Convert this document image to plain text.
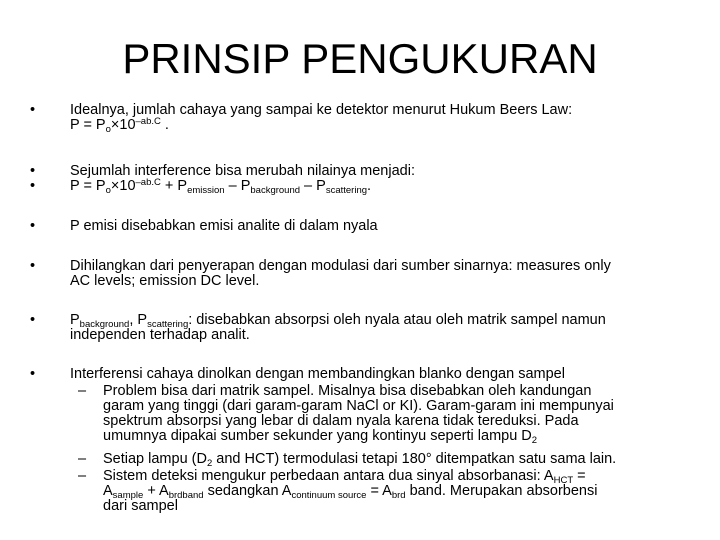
PRINSIP PENGUKURAN
• Idealnya, jumlah cahaya yang sampai ke detektor menurut Hukum Beers Law:
$P = P_o\times 10^{-ab.C}$ .
•
•
Sejumlah interference bisa merubah nilainya menjadi:
$P = P_o\times 10^{-ab.C} + P_{emission} - P_{background} - P_{scattering}$.
• P emisi disebabkan emisi analite di dalam nyala
• Dihilangkan dari penyerapan dengan modulasi dari sumber sinarnya: measures only
AC levels; emission DC level.
• $P_{background}$, $P_{scattering}$: disebabkan absorpsi oleh nyala atau oleh matrik sampel namun
independen terhadap analit.
• Interferensi cahaya dinolkan dengan membandingkan blanko dengan sampel
– Problem bisa dari matrik sampel. Misalnya bisa disebabkan oleh kandungan
garam yang tinggi (dari garam-garam NaCl or KI). Garam-garam ini mempunyai
spektrum absorpsi yang lebar di dalam nyala karena tidak tereduksi. Pada
umumnya dipakai sumber sekunder yang kontinyu seperti lampu $D_2$
– Setiap lampu ($D_2$ and HCT) termodulasi tetapi 180° ditempatkan satu sama lain.
– Sistem deteksi mengukur perbedaan antara dua sinyal absorbanasi: $A_{HCT}$ =
$A_{sample} + A_{brdband}$ sedangkan $A_{continuum source} = A_{brd}$ band. Merupakan absorbensi
dari sampel
